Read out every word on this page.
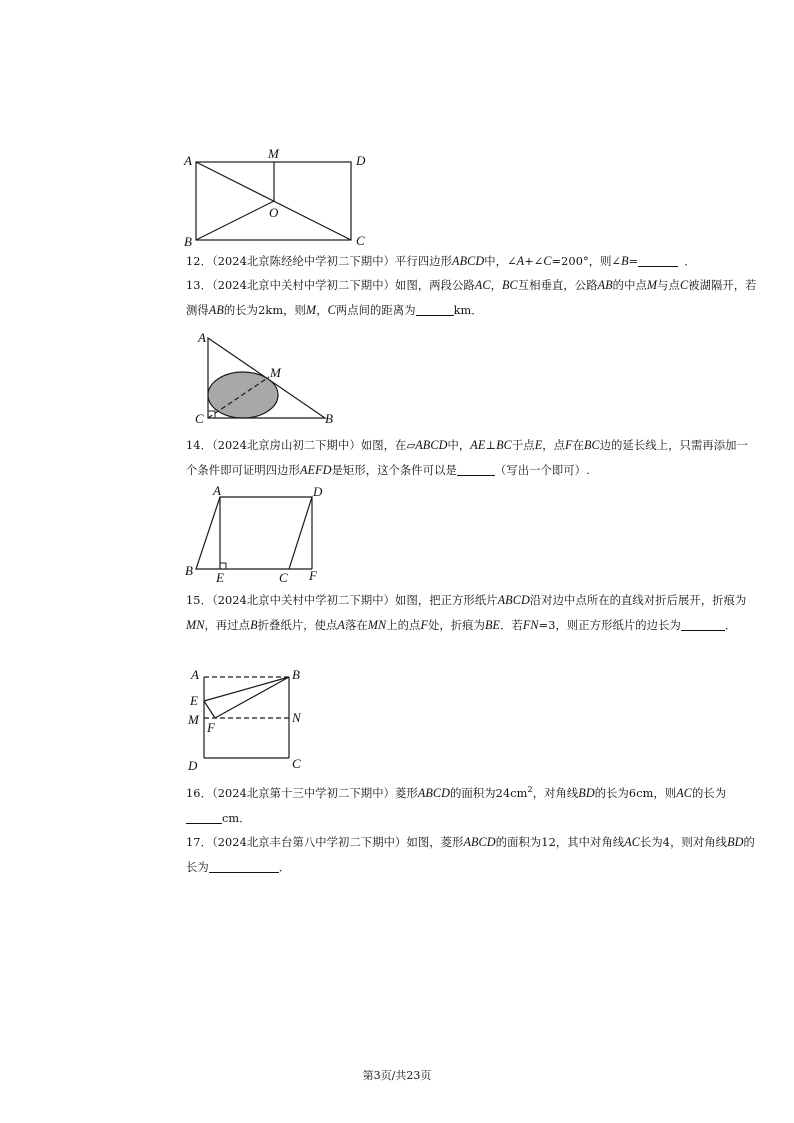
A	M	D
B	C
O
12．（2024北京陈经纶中学初二下期中）平行四边形ABCD中，∠A+∠C=200°，则∠B=	．
13．（2024北京中关村中学初二下期中）如图，两段公路AC，BC互相垂直，公路AB的中点M与点C被湖隔开，若测得AB的长为2km，则M，C两点间的距离为	km．
A
M
C	B
14．（2024北京房山初二下期中）如图，在▱ABCD中，AE⊥BC于点E，点F在BC边的延长线上，只需再添加一个条件即可证明四边形AEFD是矩形，这个条件可以是	（写出一个即可）.
A	D
B E	C F
15．（2024北京中关村中学初二下期中）如图，把正方形纸片ABCD沿对边中点所在的直线对折后展开，折痕为MN，再过点B折叠纸片，使点A落在MN上的点F处，折痕为BE．若FN=3，则正方形纸片的边长为	．
A	B
E
M
F
N
D	C
16．（2024北京第十三中学初二下期中）菱形ABCD的面积为$24cm^2$，对角线BD的长为6cm，则AC的长为cm．
17．（2024北京丰台第八中学初二下期中）如图，菱形ABCD的面积为12，其中对角线AC长为4，则对角线BD的长为	．
第3页/共23页
